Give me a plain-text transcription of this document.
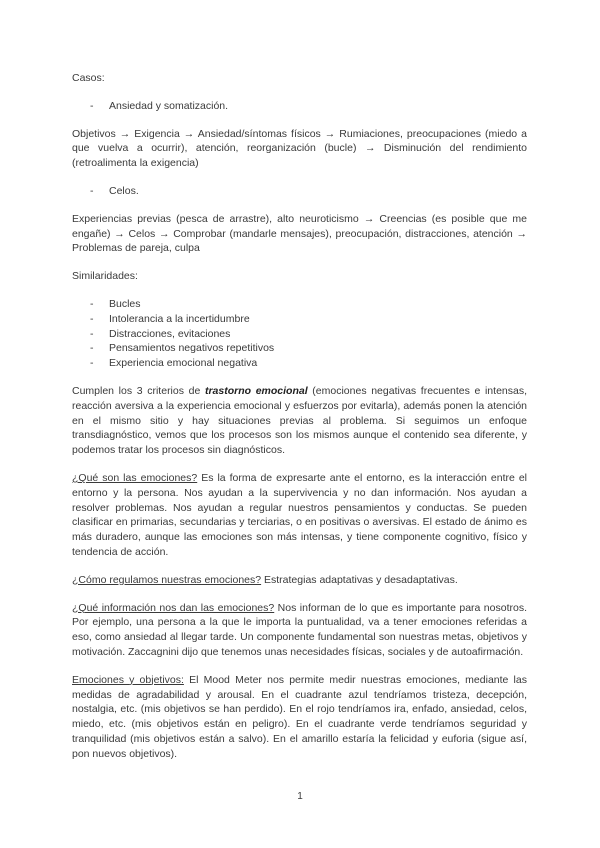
Casos:

- Ansiedad y somatización.

Objetivos → Exigencia → Ansiedad/síntomas físicos → Rumiaciones, preocupaciones (miedo a que vuelva a ocurrir), atención, reorganización (bucle) → Disminución del rendimiento (retroalimenta la exigencia)

- Celos.

Experiencias previas (pesca de arrastre), alto neuroticismo → Creencias (es posible que me engañe) → Celos → Comprobar (mandarle mensajes), preocupación, distracciones, atención → Problemas de pareja, culpa

Similaridades:

- Bucles
- Intolerancia a la incertidumbre
- Distracciones, evitaciones
- Pensamientos negativos repetitivos
- Experiencia emocional negativa

Cumplen los 3 criterios de trastorno emocional (emociones negativas frecuentes e intensas, reacción aversiva a la experiencia emocional y esfuerzos por evitarla), además ponen la atención en el mismo sitio y hay situaciones previas al problema. Si seguimos un enfoque transdiagnóstico, vemos que los procesos son los mismos aunque el contenido sea diferente, y podemos tratar los procesos sin diagnósticos.

¿Qué son las emociones? Es la forma de expresarte ante el entorno, es la interacción entre el entorno y la persona. Nos ayudan a la supervivencia y no dan información. Nos ayudan a resolver problemas. Nos ayudan a regular nuestros pensamientos y conductas. Se pueden clasificar en primarias, secundarias y terciarias, o en positivas o aversivas. El estado de ánimo es más duradero, aunque las emociones son más intensas, y tiene componente cognitivo, físico y tendencia de acción.

¿Cómo regulamos nuestras emociones? Estrategias adaptativas y desadaptativas.

¿Qué información nos dan las emociones? Nos informan de lo que es importante para nosotros. Por ejemplo, una persona a la que le importa la puntualidad, va a tener emociones referidas a eso, como ansiedad al llegar tarde. Un componente fundamental son nuestras metas, objetivos y motivación. Zaccagnini dijo que tenemos unas necesidades físicas, sociales y de autoafirmación.

Emociones y objetivos: El Mood Meter nos permite medir nuestras emociones, mediante las medidas de agradabilidad y arousal. En el cuadrante azul tendríamos tristeza, decepción, nostalgia, etc. (mis objetivos se han perdido). En el rojo tendríamos ira, enfado, ansiedad, celos, miedo, etc. (mis objetivos están en peligro). En el cuadrante verde tendríamos seguridad y tranquilidad (mis objetivos están a salvo). En el amarillo estaría la felicidad y euforia (sigue así, pon nuevos objetivos).

1
